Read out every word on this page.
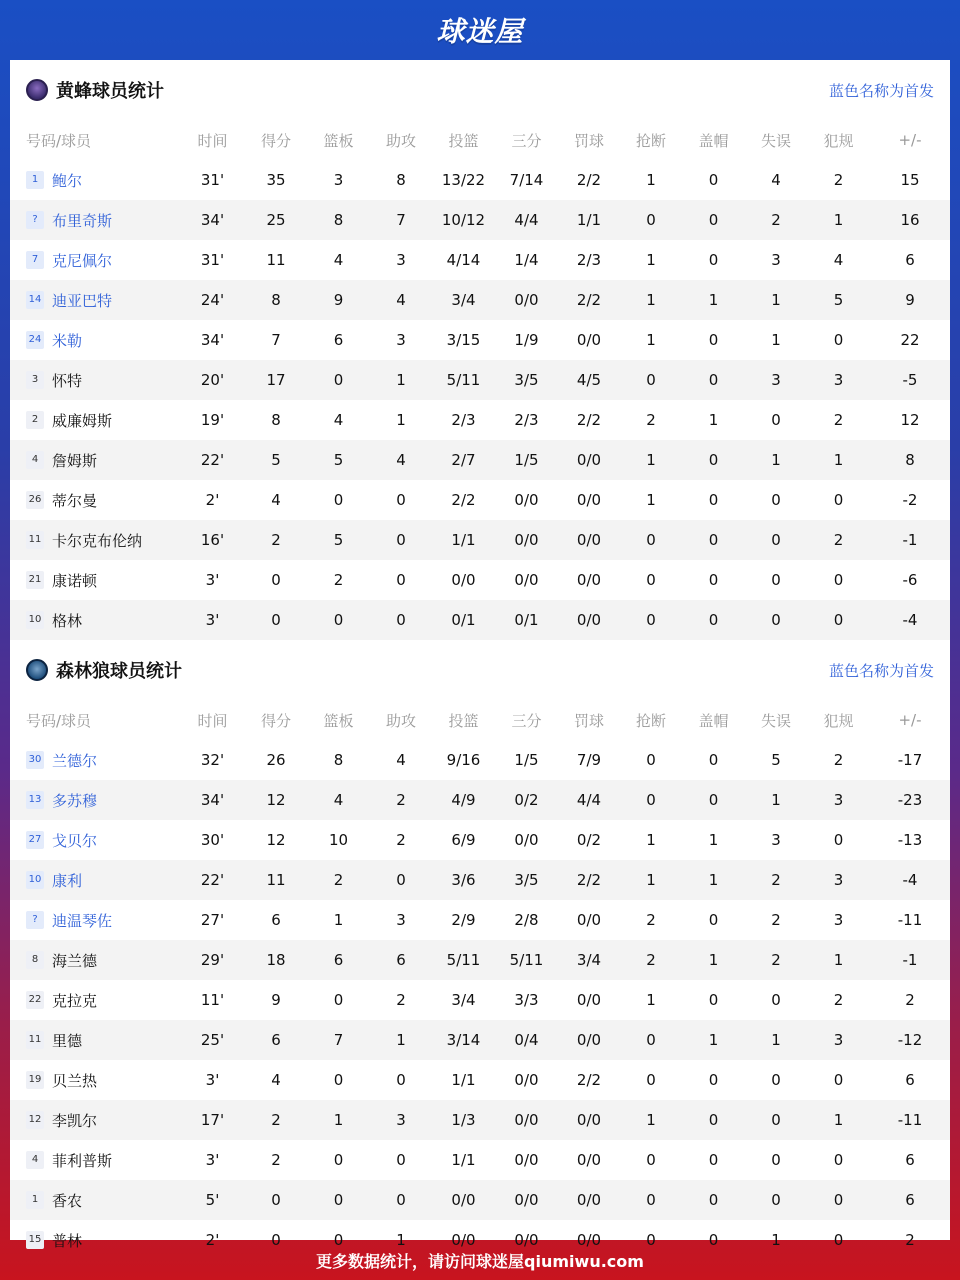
球迷屋
黄蜂球员统计	蓝色名称为首发
号码/球员	时间	得分	篮板	助攻	投篮	三分	罚球	抢断	盖帽	失误	犯规	+/-
1 鲍尔	31'	35	3	8	13/22	7/14	2/2	1	0	4	2	15
? 布里奇斯	34'	25	8	7	10/12	4/4	1/1	0	0	2	1	16
7 克尼佩尔	31'	11	4	3	4/14	1/4	2/3	1	0	3	4	6
14 迪亚巴特	24'	8	9	4	3/4	0/0	2/2	1	1	1	5	9
24 米勒	34'	7	6	3	3/15	1/9	0/0	1	0	1	0	22
3 怀特	20'	17	0	1	5/11	3/5	4/5	0	0	3	3	-5
2 威廉姆斯	19'	8	4	1	2/3	2/3	2/2	2	1	0	2	12
4 詹姆斯	22'	5	5	4	2/7	1/5	0/0	1	0	1	1	8
26 蒂尔曼	2'	4	0	0	2/2	0/0	0/0	1	0	0	0	-2
11 卡尔克布伦纳	16'	2	5	0	1/1	0/0	0/0	0	0	0	2	-1
21 康诺顿	3'	0	2	0	0/0	0/0	0/0	0	0	0	0	-6
10 格林	3'	0	0	0	0/1	0/1	0/0	0	0	0	0	-4
森林狼球员统计	蓝色名称为首发
号码/球员	时间	得分	篮板	助攻	投篮	三分	罚球	抢断	盖帽	失误	犯规	+/-
30 兰德尔	32'	26	8	4	9/16	1/5	7/9	0	0	5	2	-17
13 多苏穆	34'	12	4	2	4/9	0/2	4/4	0	0	1	3	-23
27 戈贝尔	30'	12	10	2	6/9	0/0	0/2	1	1	3	0	-13
10 康利	22'	11	2	0	3/6	3/5	2/2	1	1	2	3	-4
? 迪温琴佐	27'	6	1	3	2/9	2/8	0/0	2	0	2	3	-11
8 海兰德	29'	18	6	6	5/11	5/11	3/4	2	1	2	1	-1
22 克拉克	11'	9	0	2	3/4	3/3	0/0	1	0	0	2	2
11 里德	25'	6	7	1	3/14	0/4	0/0	0	1	1	3	-12
19 贝兰热	3'	4	0	0	1/1	0/0	2/2	0	0	0	0	6
12 李凯尔	17'	2	1	3	1/3	0/0	0/0	1	0	0	1	-11
4 菲利普斯	3'	2	0	0	1/1	0/0	0/0	0	0	0	0	6
1 香农	5'	0	0	0	0/0	0/0	0/0	0	0	0	0	6
15 普林	2'	0	0	1	0/0	0/0	0/0	0	0	1	0	2
更多数据统计，请访问球迷屋qiumiwu.com
